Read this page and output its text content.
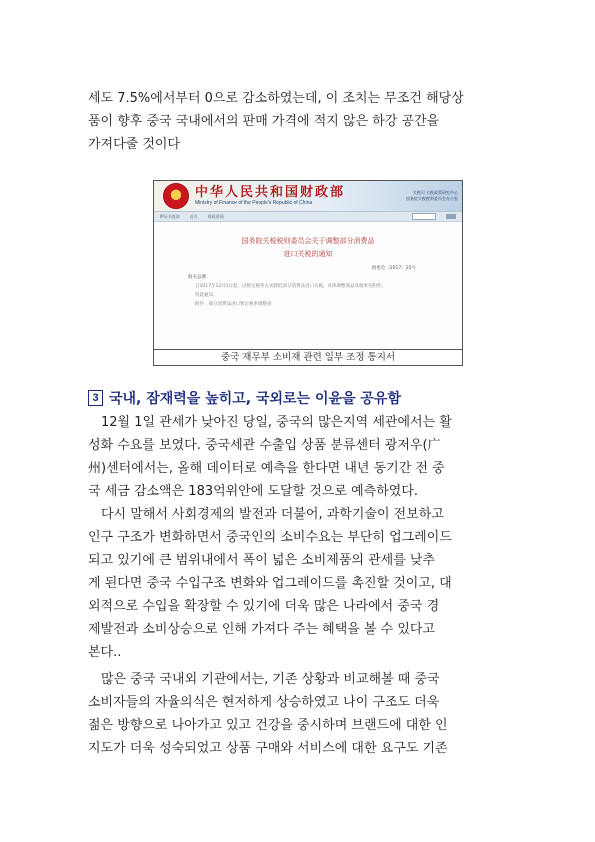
세도 7.5%에서부터 0으로 감소하였는데, 이 조치는 무조건 해당상
품이 향후 중국 국내에서의 판매 가격에 적지 않은 하강 공간을
가져다줄 것이다

中华人民共和国财政部
Ministry of Finance of the People's Republic of China
关税司 关税政策研究中心
国务院关税税则委员会办公室
IP证书查询	首页	财政要闻
国务院关税税则委员会关于调整部分消费品
进口关税的通知
税委会〔2017〕25号
海关总署：
自2017年12月1日起，以暂定税率方式降低部分消费品进口关税。具体调整商品及税率见附件。
特此通知。
附件：部分消费品进口暂定税率调整表
중국 재무부 소비재 관련 일부 조정 통지서
3 국내, 잠재력을 높히고, 국외로는 이윤을 공유함

12월 1일 관세가 낮아진 당일, 중국의 많은지역 세관에서는 활
성화 수요를 보였다. 중국세관 수출입 상품 분류센터 광저우(广
州)센터에서는, 올해 데이터로 예측을 한다면 내년 동기간 전 중
국 세금 감소액은 183억위안에 도달할 것으로 예측하였다.

다시 말해서 사회경제의 발전과 더불어, 과학기술이 전보하고
인구 구조가 변화하면서 중국인의 소비수요는 부단히 업그레이드
되고 있기에 큰 범위내에서 폭이 넓은 소비제품의 관세를 낮추
게 된다면 중국 수입구조 변화와 업그레이드를 촉진할 것이고, 대
외적으로 수입을 확장할 수 있기에 더욱 많은 나라에서 중국 경
제발전과 소비상승으로 인해 가져다 주는 혜택을 볼 수 있다고
본다..

많은 중국 국내외 기관에서는, 기존 상황과 비교해볼 때 중국
소비자들의 자율의식은 현저하게 상승하였고 나이 구조도 더욱
젊은 방향으로 나아가고 있고 건강을 중시하며 브랜드에 대한 인
지도가 더욱 성숙되었고 상품 구매와 서비스에 대한 요구도 기존
